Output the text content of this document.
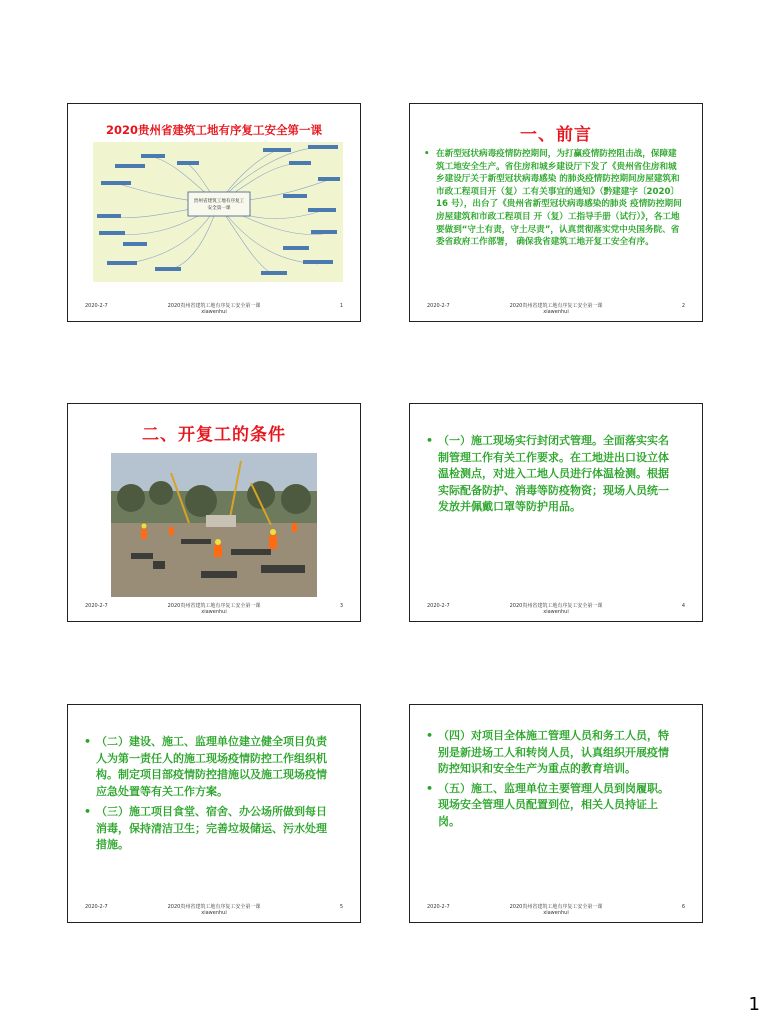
2020贵州省建筑工地有序复工安全第一课
贵州省建筑工地有序复工
安全第一课
2020-2-7	2020贵州省建筑工地有序复工安全第一课
xiawenhui
1
一、前言
• 在新型冠状病毒疫情防控期间，为打赢疫情防控阻击战，保障建筑工地安全生产。省住房和城乡建设厅下发了《贵州省住房和城乡建设厅关于新型冠状病毒感染 的肺炎疫情防控期间房屋建筑和市政工程项目开（复）工有关事宜的通知》（黔建建字〔2020〕16 号），出台了《贵州省新型冠状病毒感染的肺炎 疫情防控期间房屋建筑和市政工程项目 开（复）工指导手册（试行）》，各工地要做到“守土有责，守土尽责”，认真贯彻落实党中央国务院、省委省政府工作部署， 确保我省建筑工地开复工安全有序。
2020-2-7	2020贵州省建筑工地有序复工安全第一课
xiawenhui
2
二、开复工的条件
2020-2-7	2020贵州省建筑工地有序复工安全第一课
xiawenhui
3
• （一）施工现场实行封闭式管理。全面落实实名制管理工作有关工作要求。在工地进出口设立体温检测点，对进入工地人员进行体温检测。根据实际配备防护、消毒等防疫物资；现场人员统一发放并佩戴口罩等防护用品。
2020-2-7	2020贵州省建筑工地有序复工安全第一课
xiawenhui
4
• （二）建设、施工、监理单位建立健全项目负责人为第一责任人的施工现场疫情防控工作组织机构。制定项目部疫情防控措施以及施工现场疫情应急处置等有关工作方案。
• （三）施工项目食堂、宿舍、办公场所做到每日消毒，保持清洁卫生；完善垃圾储运、污水处理措施。
2020-2-7	2020贵州省建筑工地有序复工安全第一课
xiawenhui
5
• （四）对项目全体施工管理人员和务工人员，特别是新进场工人和转岗人员，认真组织开展疫情防控知识和安全生产为重点的教育培训。
• （五）施工、监理单位主要管理人员到岗履职。现场安全管理人员配置到位，相关人员持证上岗。
2020-2-7	2020贵州省建筑工地有序复工安全第一课
xiawenhui
6
1
